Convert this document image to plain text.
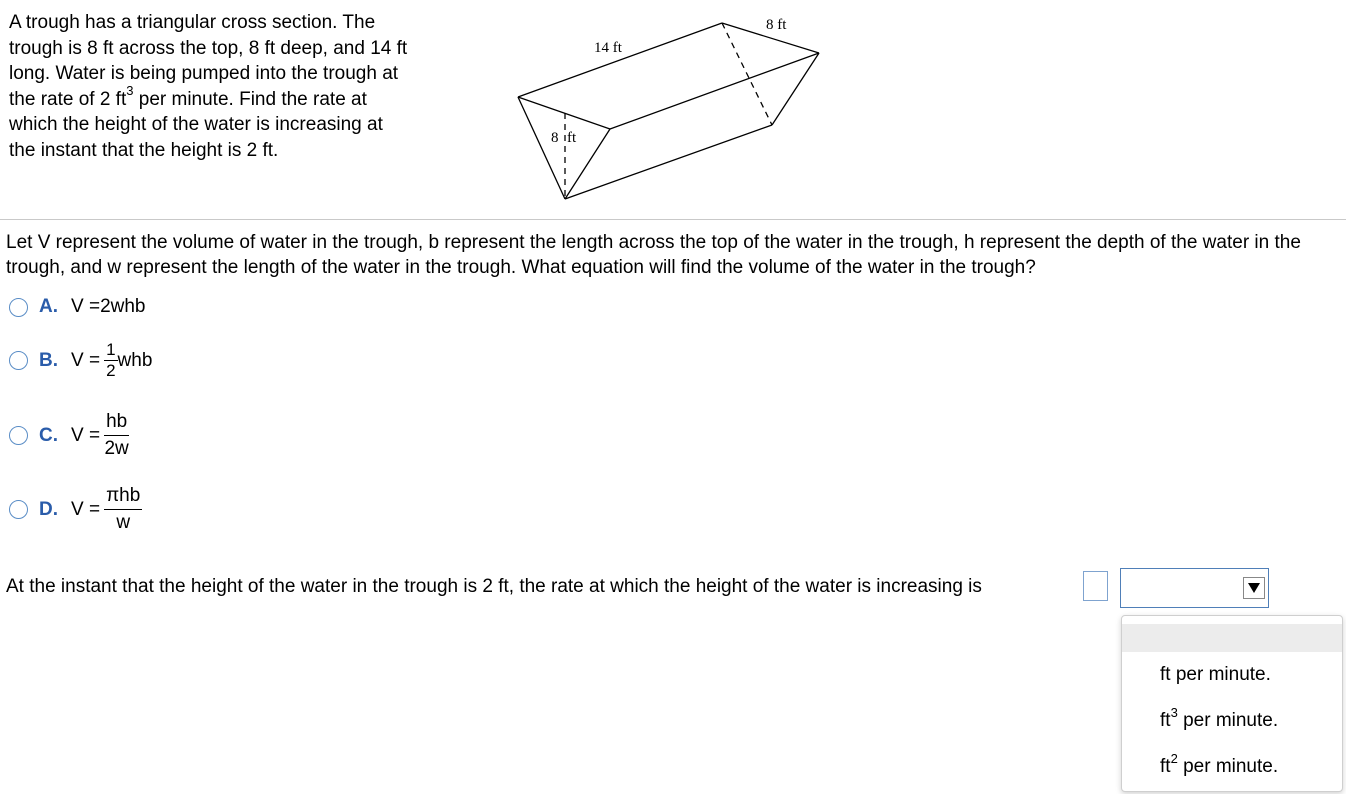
A trough has a triangular cross section. The
trough is 8 ft across the top, 8 ft deep, and 14 ft
long. Water is being pumped into the trough at
the rate of 2 $ft^3$ per minute. Find the rate at
which the height of the water is increasing at
the instant that the height is 2 ft.

8 ft
14 ft
8 ft

Let V represent the volume of water in the trough, b represent the length across the top of the water in the trough, h represent the depth of the water in the trough, and w represent the length of the water in the trough. What equation will find the volume of the water in the trough?

A. V = 2whb
B. $V = \frac{1}{2}$ whb
C. $V = \frac{hb}{2w}$
D. $V = \frac{\text{πhb}}{w}$

At the instant that the height of the water in the trough is 2 ft, the rate at which the height of the water is increasing is

ft per minute.
$ft^3$ per minute.
$ft^2$ per minute.
